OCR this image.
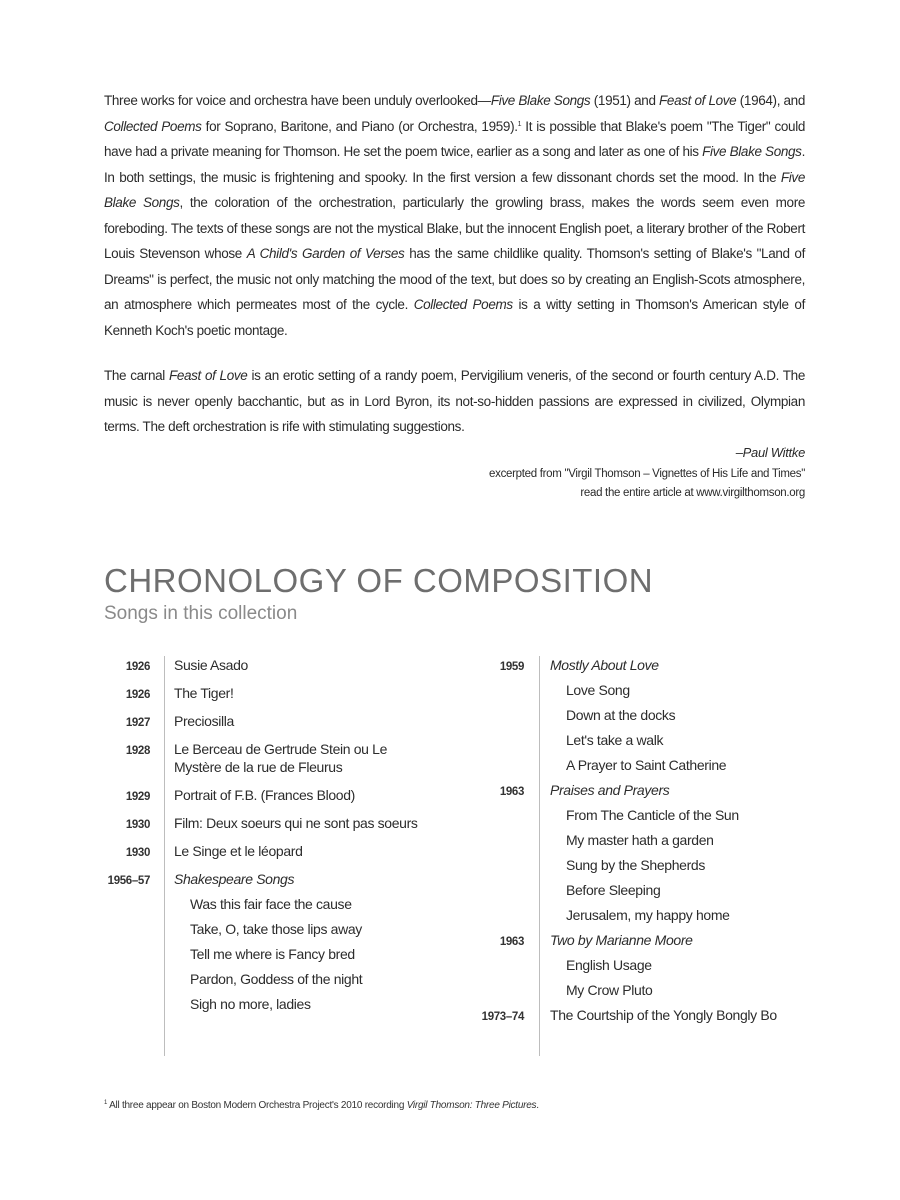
Three works for voice and orchestra have been unduly overlooked—Five Blake Songs (1951) and Feast of Love (1964), and Collected Poems for Soprano, Baritone, and Piano (or Orchestra, 1959).$^1$ It is possible that Blake's poem "The Tiger" could have had a private meaning for Thomson. He set the poem twice, earlier as a song and later as one of his Five Blake Songs. In both settings, the music is frightening and spooky. In the first version a few dissonant chords set the mood. In the Five Blake Songs, the coloration of the orchestration, particularly the growling brass, makes the words seem even more foreboding. The texts of these songs are not the mystical Blake, but the innocent English poet, a literary brother of the Robert Louis Stevenson whose A Child's Garden of Verses has the same childlike quality. Thomson's setting of Blake's "Land of Dreams" is perfect, the music not only matching the mood of the text, but does so by creating an English-Scots atmosphere, an atmosphere which permeates most of the cycle. Collected Poems is a witty setting in Thomson's American style of Kenneth Koch's poetic montage.

The carnal Feast of Love is an erotic setting of a randy poem, Pervigilium veneris, of the second or fourth century A.D. The music is never openly bacchantic, but as in Lord Byron, its not-so-hidden passions are expressed in civilized, Olympian terms. The deft orchestration is rife with stimulating suggestions.

–Paul Wittke
excerpted from "Virgil Thomson – Vignettes of His Life and Times"
read the entire article at www.virgilthomson.org
CHRONOLOGY OF COMPOSITION
Songs in this collection
1926 Susie Asado
1926 The Tiger!
1927 Preciosilla
1928 Le Berceau de Gertrude Stein ou Le
Mystère de la rue de Fleurus
1929 Portrait of F.B. (Frances Blood)
1930 Film: Deux soeurs qui ne sont pas soeurs
1930 Le Singe et le léopard
1956–57 Shakespeare Songs
Was this fair face the cause
Take, O, take those lips away
Tell me where is Fancy bred
Pardon, Goddess of the night
Sigh no more, ladies
1959 Mostly About Love
Love Song
Down at the docks
Let's take a walk
A Prayer to Saint Catherine
1963 Praises and Prayers
From The Canticle of the Sun
My master hath a garden
Sung by the Shepherds
Before Sleeping
Jerusalem, my happy home
1963 Two by Marianne Moore
English Usage
My Crow Pluto
1973–74 The Courtship of the Yongly Bongly Bo

$^1$ All three appear on Boston Modern Orchestra Project's 2010 recording Virgil Thomson: Three Pictures.
